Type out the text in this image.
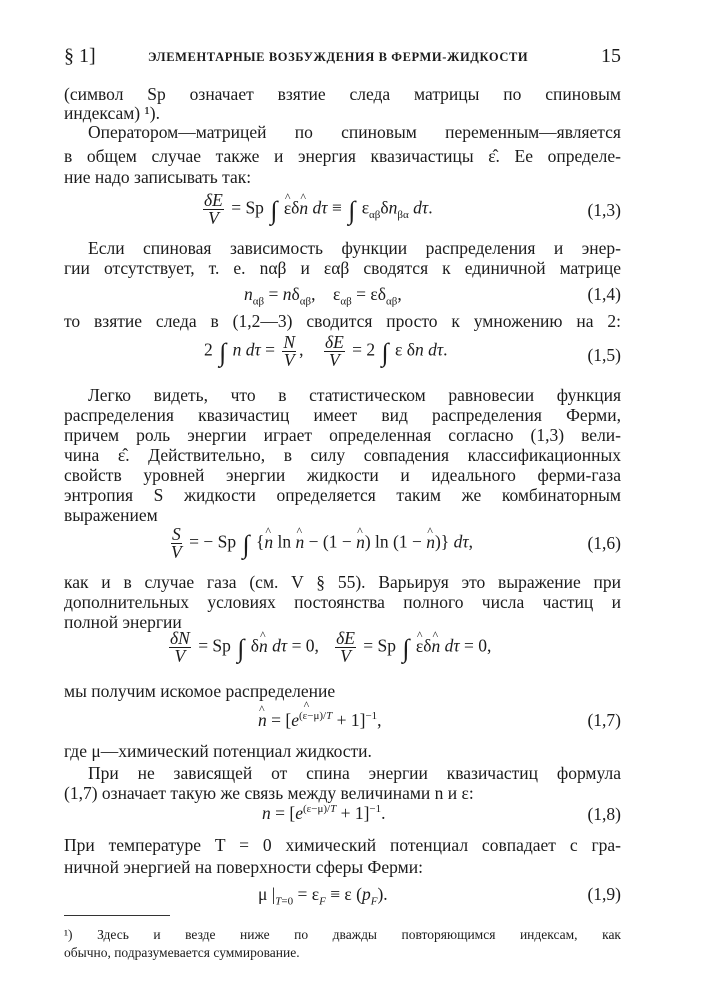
§ 1]	ЭЛЕМЕНТАРНЫЕ ВОЗБУЖДЕНИЯ В ФЕРМИ-ЖИДКОСТИ	15
(символ Sp означает взятие следа матрицы по спиновым
индексам) ¹).
Оператором—матрицей по спиновым переменным—является
в общем случае также и энергия квазичастицы ε̂. Ее определе-
ние надо записывать так:
$\frac{\delta E}{V} = Sp$ ∫ ε ^δn ^ dτ ≡ ∫ $\varepsilon_{\alpha\beta}\delta n_{\beta\alpha}$ dτ.	(1,3)
Если спиновая зависимость функции распределения и энер-
гии отсутствует, т. е. nαβ и εαβ сводятся к единичной матрице
$n_{\alpha\beta} = n\delta_{\alpha\beta}$,    $\varepsilon_{\alpha\beta} = \varepsilon\delta_{\alpha\beta}$,	(1,4)
то взятие следа в (1,2—3) сводится просто к умножению на 2:
2 ∫ n $d\tau = \frac{N}{V}$ , $\frac{\delta E}{V} = 2$ ∫ ε δn dτ.	(1,5)
Легко видеть, что в статистическом равновесии функция
распределения квазичастиц имеет вид распределения Ферми,
причем роль энергии играет определенная согласно (1,3) вели-
чина ε̂. Действительно, в силу совпадения классификационных
свойств уровней энергии жидкости и идеального ферми-газа
энтропия S жидкости определяется таким же комбинаторным
выражением
$\frac{S}{V}$ = − Sp ∫ {n ^ ln n ^ − (1 − n ^) ln (1 − n ^)} dτ,	(1,6)
как и в случае газа (см. V § 55). Варьируя это выражение при
дополнительных условиях постоянства полного числа частиц и
полной энергии
$\frac{\delta N}{V} = Sp$ ∫ δn ^ dτ = 0, $\frac{\delta E}{V} = Sp$ ∫ ε ^δn ^ dτ = 0,
мы получим искомое распределение
n ^ = $[e^{(\varepsilon-\mu)/T} + 1]^{-1}$,	(1,7)
где μ—химический потенциал жидкости.
При не зависящей от спина энергии квазичастиц формула
(1,7) означает такую же связь между величинами n и ε:
$n = [e^{(\varepsilon-\mu)/T} + 1]^{-1}$.	(1,8)
При температуре T = 0 химический потенциал совпадает с гра-
ничной энергией на поверхности сферы Ферми:
μ $|_{T=0} = \varepsilon_F \equiv \varepsilon$ $(p_F)$.	(1,9)
¹) Здесь и везде ниже по дважды повторяющимся индексам, как
обычно, подразумевается суммирование.
